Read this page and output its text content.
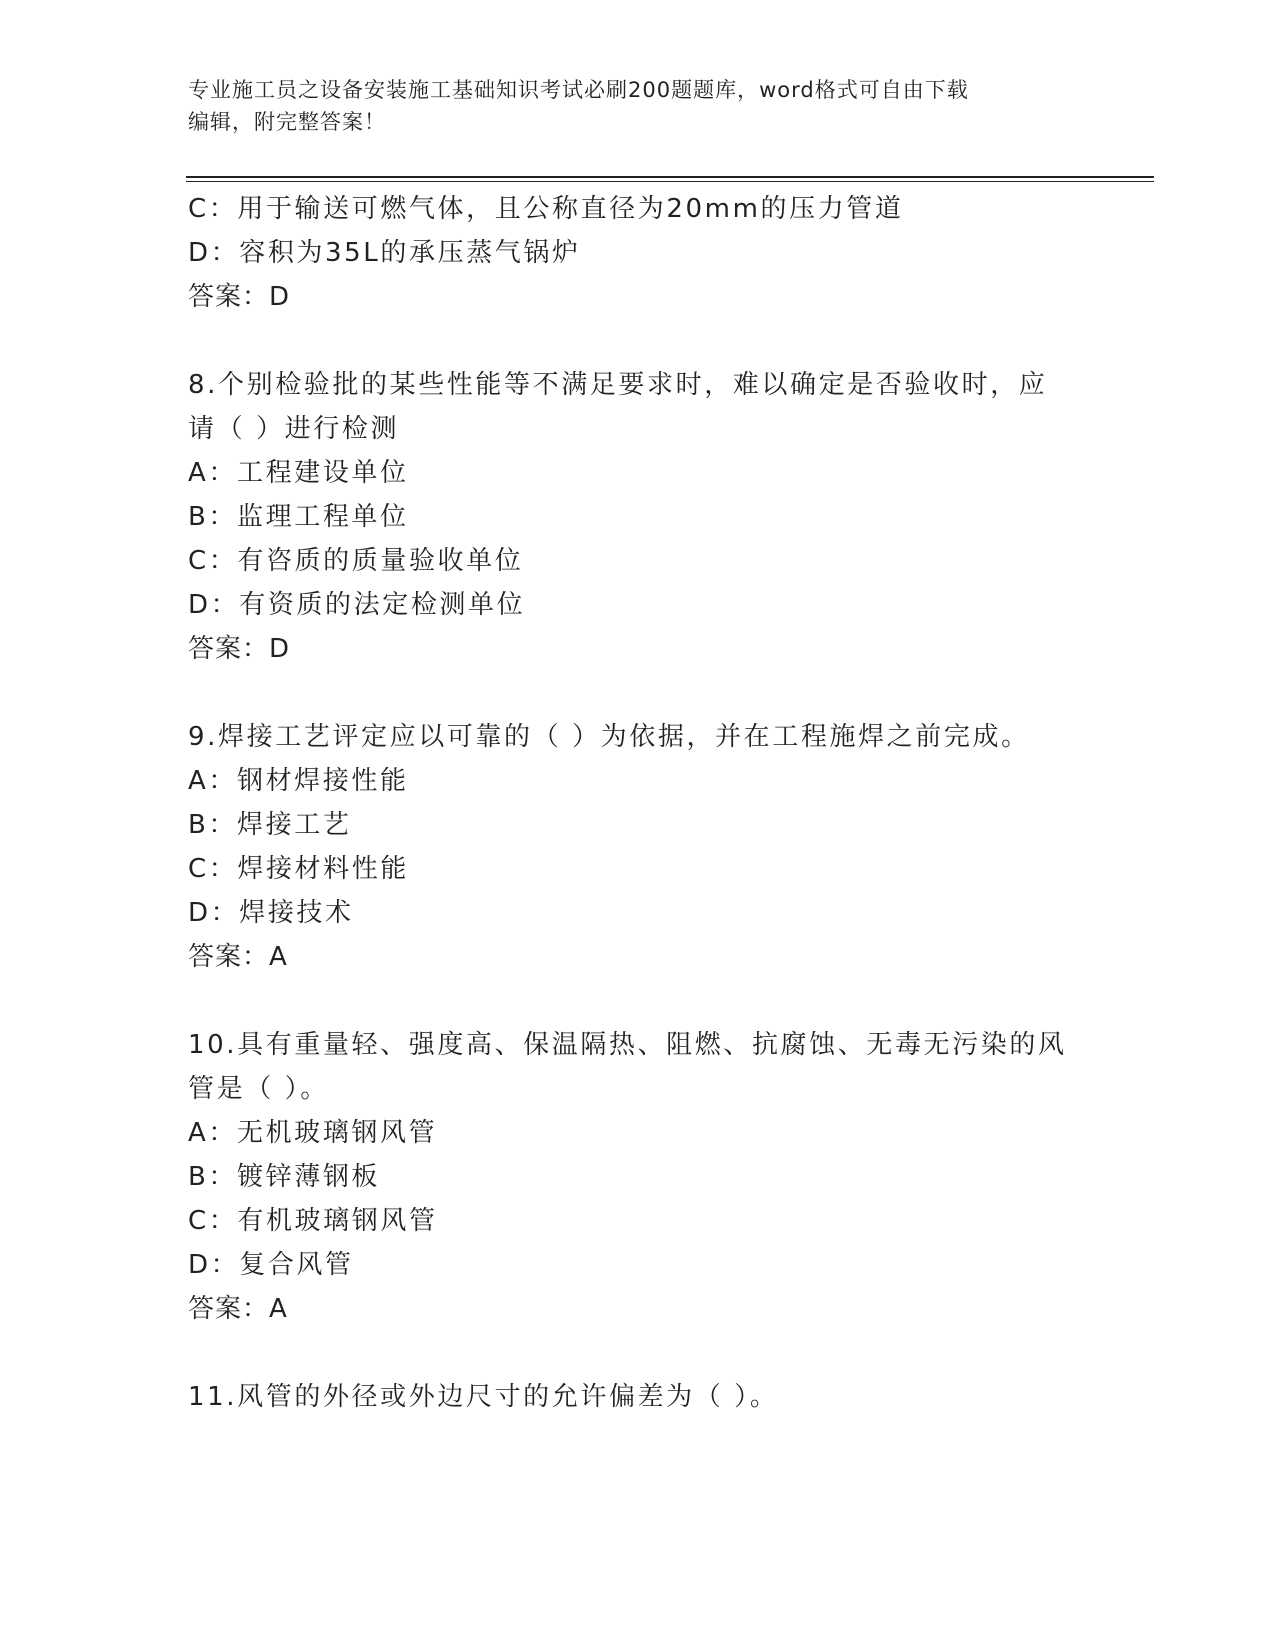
专业施工员之设备安装施工基础知识考试必刷200题题库，word格式可自由下载
编辑，附完整答案！
C：用于输送可燃气体，且公称直径为20mm的压力管道
D：容积为35L的承压蒸气锅炉
答案：D
8.个别检验批的某些性能等不满足要求时，难以确定是否验收时，应
请（ ）进行检测
A：工程建设单位
B：监理工程单位
C：有咨质的质量验收单位
D：有资质的法定检测单位
答案：D
9.焊接工艺评定应以可靠的（ ）为依据，并在工程施焊之前完成。
A：钢材焊接性能
B：焊接工艺
C：焊接材料性能
D：焊接技术
答案：A
10.具有重量轻、强度高、保温隔热、阻燃、抗腐蚀、无毒无污染的风
管是（ ）。
A：无机玻璃钢风管
B：镀锌薄钢板
C：有机玻璃钢风管
D：复合风管
答案：A
11.风管的外径或外边尺寸的允许偏差为（ ）。
